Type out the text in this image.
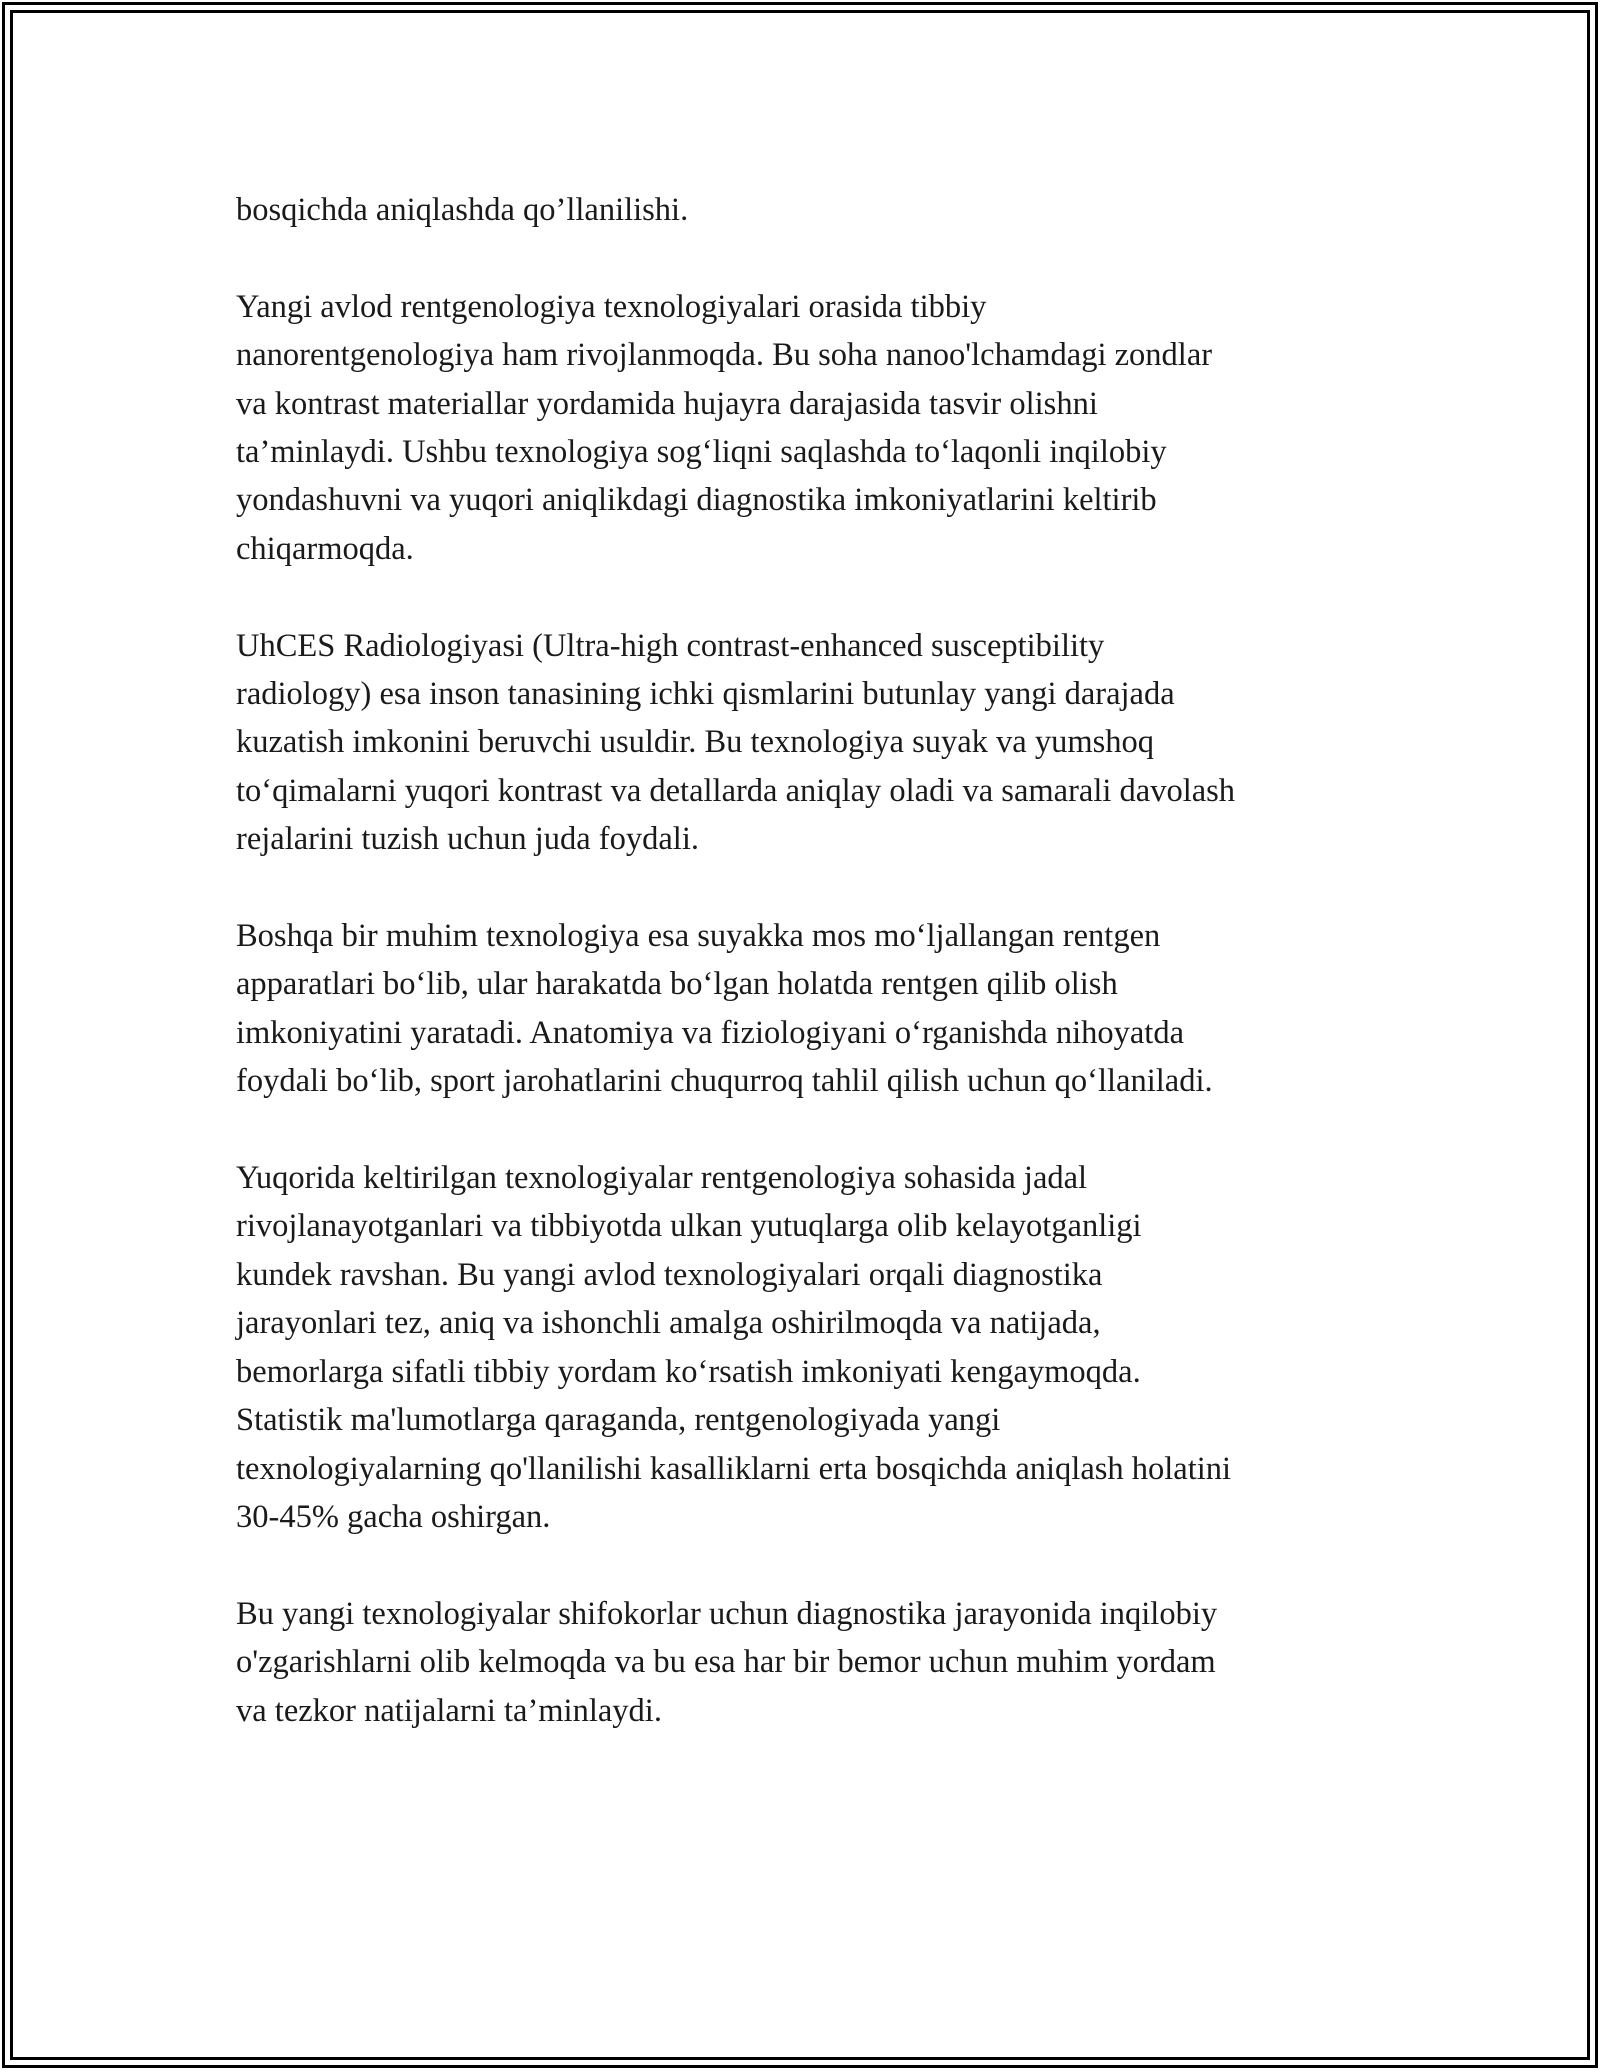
bosqichda aniqlashda qo’llanilishi.

Yangi avlod rentgenologiya texnologiyalari orasida tibbiy
nanorentgenologiya ham rivojlanmoqda. Bu soha nanoo'lchamdagi zondlar
va kontrast materiallar yordamida hujayra darajasida tasvir olishni
ta’minlaydi. Ushbu texnologiya sog‘liqni saqlashda to‘laqonli inqilobiy
yondashuvni va yuqori aniqlikdagi diagnostika imkoniyatlarini keltirib
chiqarmoqda.

UhCES Radiologiyasi (Ultra-high contrast-enhanced susceptibility
radiology) esa inson tanasining ichki qismlarini butunlay yangi darajada
kuzatish imkonini beruvchi usuldir. Bu texnologiya suyak va yumshoq
to‘qimalarni yuqori kontrast va detallarda aniqlay oladi va samarali davolash
rejalarini tuzish uchun juda foydali.

Boshqa bir muhim texnologiya esa suyakka mos mo‘ljallangan rentgen
apparatlari bo‘lib, ular harakatda bo‘lgan holatda rentgen qilib olish
imkoniyatini yaratadi. Anatomiya va fiziologiyani o‘rganishda nihoyatda
foydali bo‘lib, sport jarohatlarini chuqurroq tahlil qilish uchun qo‘llaniladi.

Yuqorida keltirilgan texnologiyalar rentgenologiya sohasida jadal
rivojlanayotganlari va tibbiyotda ulkan yutuqlarga olib kelayotganligi
kundek ravshan. Bu yangi avlod texnologiyalari orqali diagnostika
jarayonlari tez, aniq va ishonchli amalga oshirilmoqda va natijada,
bemorlarga sifatli tibbiy yordam ko‘rsatish imkoniyati kengaymoqda.
Statistik ma'lumotlarga qaraganda, rentgenologiyada yangi
texnologiyalarning qo'llanilishi kasalliklarni erta bosqichda aniqlash holatini
30-45% gacha oshirgan.

Bu yangi texnologiyalar shifokorlar uchun diagnostika jarayonida inqilobiy
o'zgarishlarni olib kelmoqda va bu esa har bir bemor uchun muhim yordam
va tezkor natijalarni ta’minlaydi.
